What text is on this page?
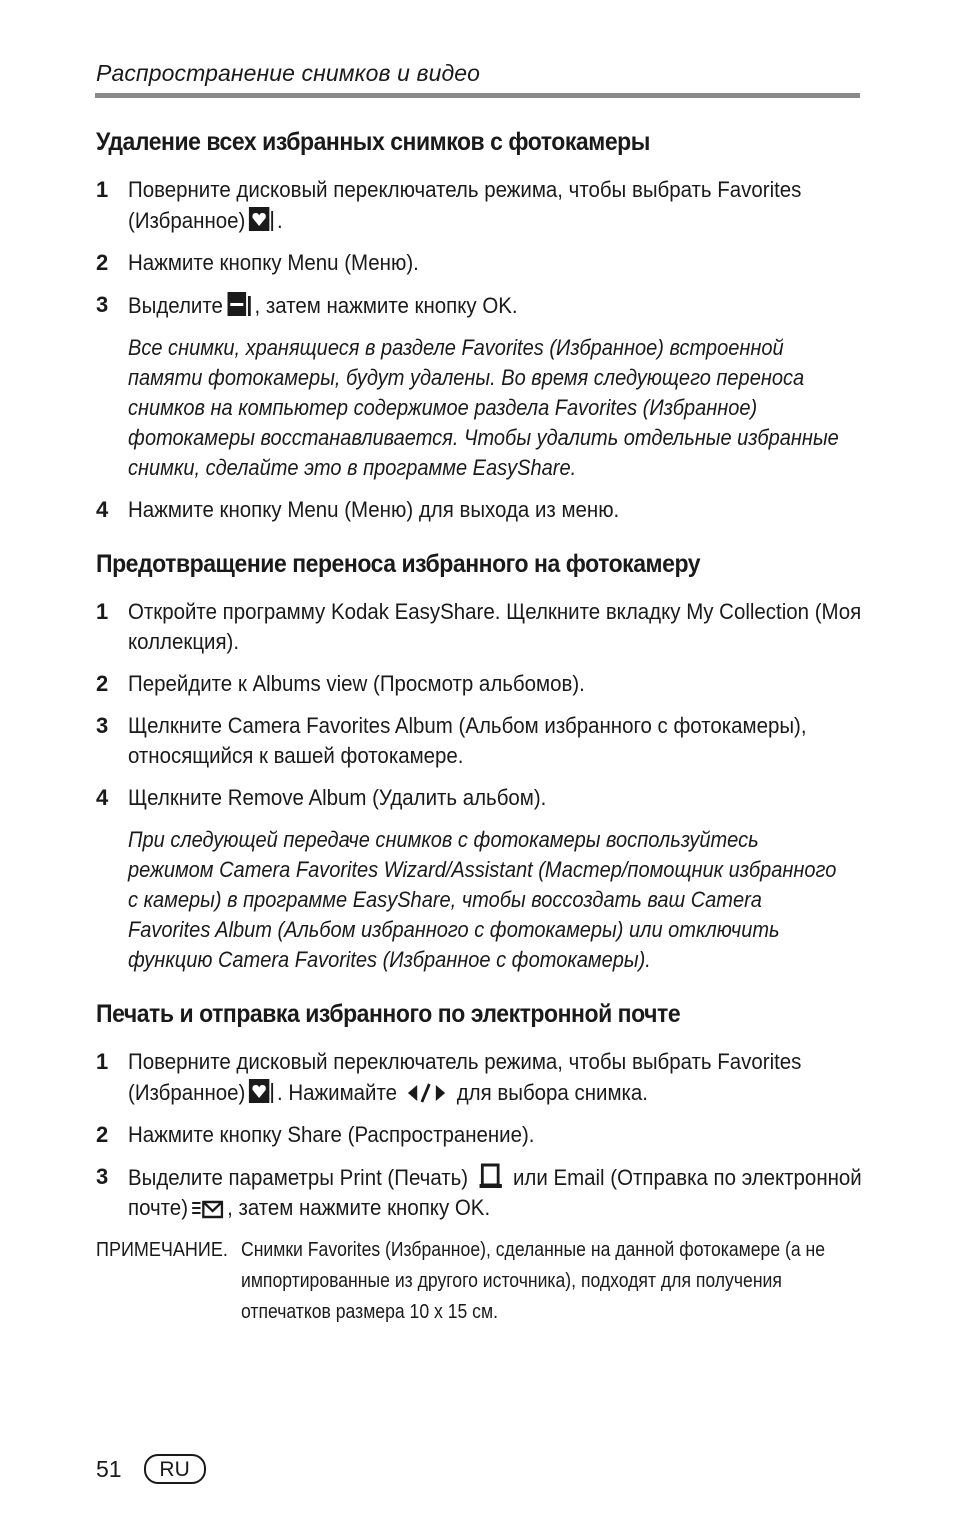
Распространение снимков и видео
Удаление всех избранных снимков с фотокамеры
1 Поверните дисковый переключатель режима, чтобы выбрать Favorites (Избранное) .
2 Нажмите кнопку Menu (Меню).
3 Выделите , затем нажмите кнопку OK.
Все снимки, хранящиеся в разделе Favorites (Избранное) встроенной памяти фотокамеры, будут удалены. Во время следующего переноса снимков на компьютер содержимое раздела Favorites (Избранное) фотокамеры восстанавливается. Чтобы удалить отдельные избранные снимки, сделайте это в программе EasyShare.
4 Нажмите кнопку Menu (Меню) для выхода из меню.
Предотвращение переноса избранного на фотокамеру
1 Откройте программу Kodak EasyShare. Щелкните вкладку My Collection (Моя коллекция).
2 Перейдите к Albums view (Просмотр альбомов).
3 Щелкните Camera Favorites Album (Альбом избранного с фотокамеры), относящийся к вашей фотокамере.
4 Щелкните Remove Album (Удалить альбом).
При следующей передаче снимков с фотокамеры воспользуйтесь режимом Camera Favorites Wizard/Assistant (Мастер/помощник избранного с камеры) в программе EasyShare, чтобы воссоздать ваш Camera Favorites Album (Альбом избранного с фотокамеры) или отключить функцию Camera Favorites (Избранное с фотокамеры).
Печать и отправка избранного по электронной почте
1 Поверните дисковый переключатель режима, чтобы выбрать Favorites (Избранное) . Нажимайте	для выбора снимка.
2 Нажмите кнопку Share (Распространение).
3 Выделите параметры Print (Печать) или Email (Отправка по электронной почте) , затем нажмите кнопку OK.
ПРИМЕЧАНИЕ. Снимки Favorites (Избранное), сделанные на данной фотокамере (а не импортированные из другого источника), подходят для получения отпечатков размера 10 х 15 см.
51	RU
